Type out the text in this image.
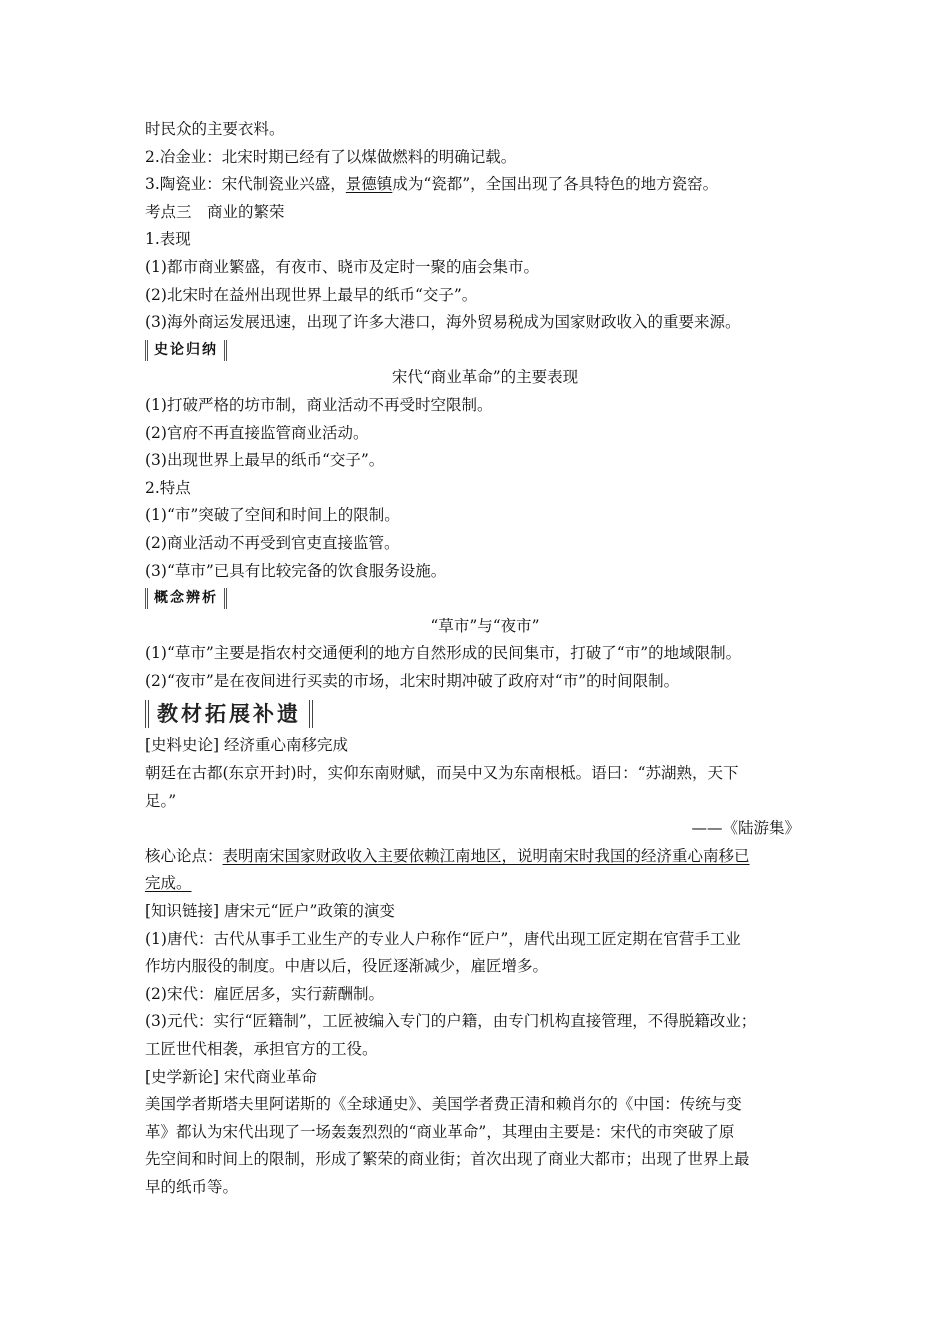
时民众的主要衣料。
2.冶金业：北宋时期已经有了以煤做燃料的明确记载。
3.陶瓷业：宋代制瓷业兴盛，景德镇成为“瓷都”，全国出现了各具特色的地方瓷窑。
考点三　商业的繁荣
1.表现
(1)都市商业繁盛，有夜市、晓市及定时一聚的庙会集市。
(2)北宋时在益州出现世界上最早的纸币“交子”。
(3)海外商运发展迅速，出现了许多大港口，海外贸易税成为国家财政收入的重要来源。
史论归纳
宋代“商业革命”的主要表现
(1)打破严格的坊市制，商业活动不再受时空限制。
(2)官府不再直接监管商业活动。
(3)出现世界上最早的纸币“交子”。
2.特点
(1)“市”突破了空间和时间上的限制。
(2)商业活动不再受到官吏直接监管。
(3)“草市”已具有比较完备的饮食服务设施。
概念辨析
“草市”与“夜市”
(1)“草市”主要是指农村交通便利的地方自然形成的民间集市，打破了“市”的地域限制。
(2)“夜市”是在夜间进行买卖的市场，北宋时期冲破了政府对“市”的时间限制。
教材拓展补遗
[史料史论] 经济重心南移完成
朝廷在古都(东京开封)时，实仰东南财赋，而吴中又为东南根柢。语曰：“苏湖熟，天下
足。”
——《陆游集》
核心论点：表明南宋国家财政收入主要依赖江南地区，说明南宋时我国的经济重心南移已
完成。
[知识链接] 唐宋元“匠户”政策的演变
(1)唐代：古代从事手工业生产的专业人户称作“匠户”，唐代出现工匠定期在官营手工业
作坊内服役的制度。中唐以后，役匠逐渐减少，雇匠增多。
(2)宋代：雇匠居多，实行薪酬制。
(3)元代：实行“匠籍制”，工匠被编入专门的户籍，由专门机构直接管理，不得脱籍改业；
工匠世代相袭，承担官方的工役。
[史学新论] 宋代商业革命
美国学者斯塔夫里阿诺斯的《全球通史》、美国学者费正清和赖肖尔的《中国：传统与变
革》都认为宋代出现了一场轰轰烈烈的“商业革命”，其理由主要是：宋代的市突破了原
先空间和时间上的限制，形成了繁荣的商业街；首次出现了商业大都市；出现了世界上最
早的纸币等。
